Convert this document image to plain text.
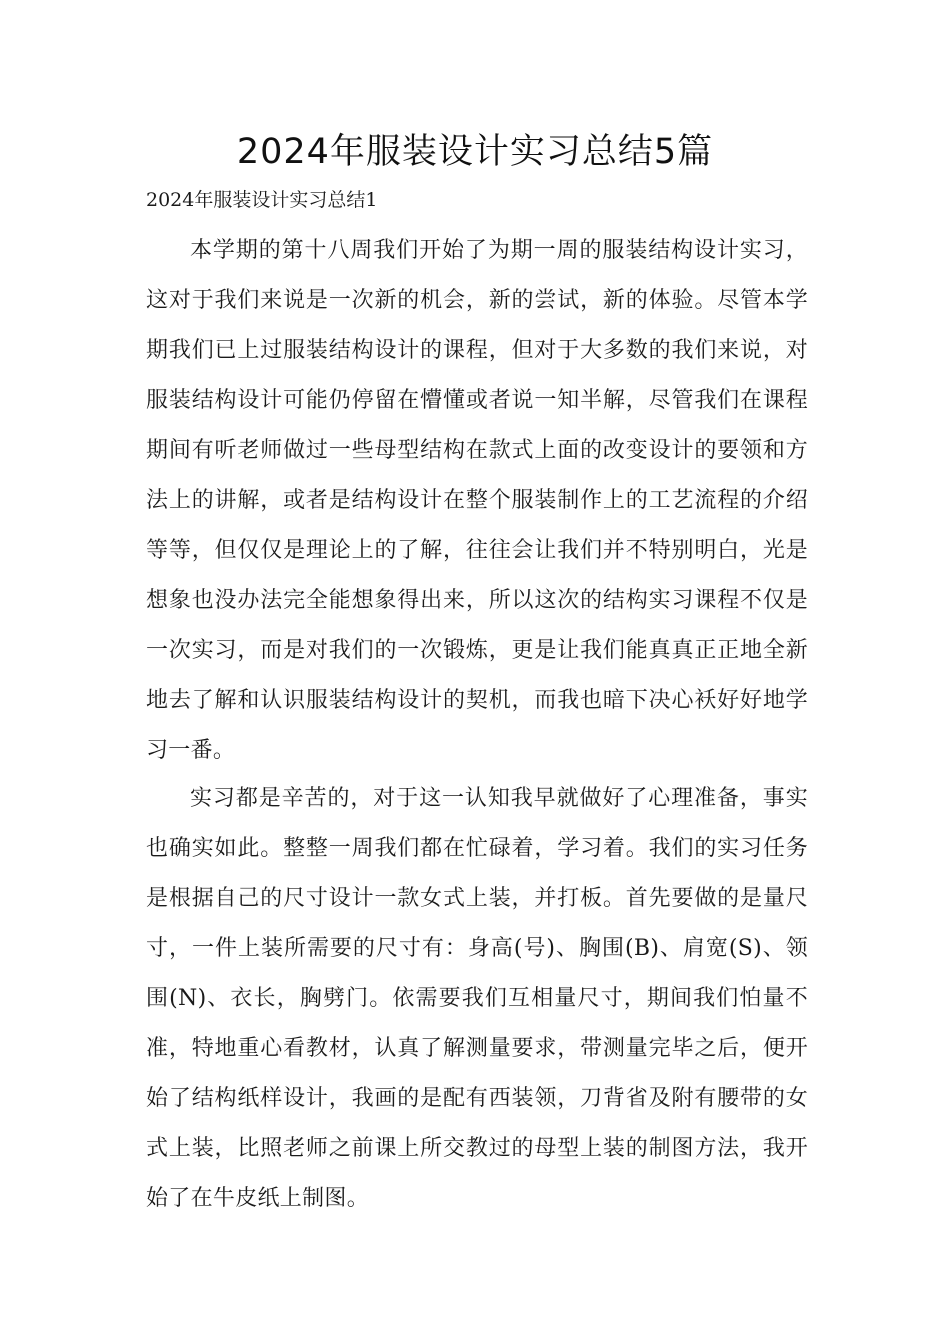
2024年服装设计实习总结5篇
2024年服装设计实习总结1

本学期的第十八周我们开始了为期一周的服装结构设计实习，这对于我们来说是一次新的机会，新的尝试，新的体验。尽管本学期我们已上过服装结构设计的课程，但对于大多数的我们来说，对服装结构设计可能仍停留在懵懂或者说一知半解，尽管我们在课程期间有听老师做过一些母型结构在款式上面的改变设计的要领和方法上的讲解，或者是结构设计在整个服装制作上的工艺流程的介绍等等，但仅仅是理论上的了解，往往会让我们并不特别明白，光是想象也没办法完全能想象得出来，所以这次的结构实习课程不仅是一次实习，而是对我们的一次锻炼，更是让我们能真真正正地全新地去了解和认识服装结构设计的契机，而我也暗下决心袄好好地学习一番。

实习都是辛苦的，对于这一认知我早就做好了心理准备，事实也确实如此。整整一周我们都在忙碌着，学习着。我们的实习任务是根据自己的尺寸设计一款女式上装，并打板。首先要做的是量尺寸，一件上装所需要的尺寸有：身高(号)、胸围(B)、肩宽(S)、领围(N)、衣长，胸劈门。依需要我们互相量尺寸，期间我们怕量不准，特地重心看教材，认真了解测量要求，带测量完毕之后，便开始了结构纸样设计，我画的是配有西装领，刀背省及附有腰带的女式上装，比照老师之前课上所交教过的母型上装的制图方法，我开始了在牛皮纸上制图。
